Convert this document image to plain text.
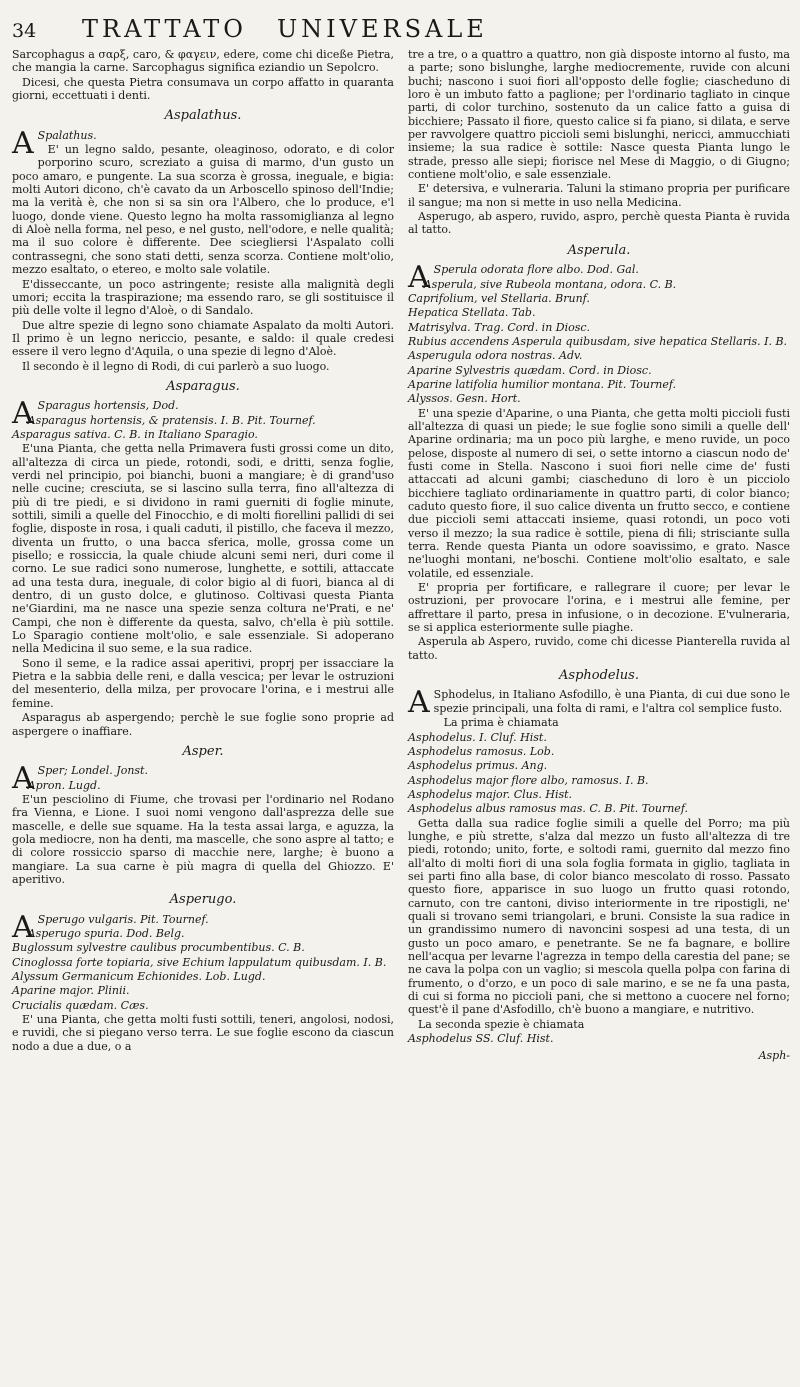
34	TRATTATO UNIVERSALE

Sarcophagus a σαρξ, caro, & φαγειν, edere, come chi diceße Pietra, che mangia la carne. Sarcophagus significa eziandio un Sepolcro.

Dicesi, che questa Pietra consumava un corpo affatto in quaranta giorni, eccettuati i denti.

Aspalathus.

A Spalathus.

E' un legno saldo, pesante, oleaginoso, odorato, e di color porporino scuro, screziato a guisa di marmo, d'un gusto un poco amaro, e pungente. La sua scorza è grossa, ineguale, e bigia: molti Autori dicono, ch'è cavato da un Arboscello spinoso dell'Indie; ma la verità è, che non si sa sin ora l'Albero, che lo produce, e'l luogo, donde viene. Questo legno ha molta rassomiglianza al legno di Aloè nella forma, nel peso, e nel gusto, nell'odore, e nelle qualità; ma il suo colore è differente. Dee sciegliersi l'Aspalato colli contrassegni, che sono stati detti, senza scorza. Contiene molt'olio, mezzo esaltato, o etereo, e molto sale volatile.

E'disseccante, un poco astringente; resiste alla malignità degli umori; eccita la traspirazione; ma essendo raro, se gli sostituisce il più delle volte il legno d'Aloè, o di Sandalo.

Due altre spezie di legno sono chiamate Aspalato da molti Autori. Il primo è un legno nericcio, pesante, e saldo: il quale credesi essere il vero legno d'Aquila, o una spezie di legno d'Aloè.

Il secondo è il legno di Rodi, di cui parlerò a suo luogo.

Asparagus.

A Sparagus hortensis, Dod.

Asparagus hortensis, & pratensis. I. B. Pit. Tournef.

Asparagus sativa. C. B. in Italiano Sparagio.

E'una Pianta, che getta nella Primavera fusti grossi come un dito, all'altezza di circa un piede, rotondi, sodi, e dritti, senza foglie, verdi nel principio, poi bianchi, buoni a mangiare; è di grand'uso nelle cucine; cresciuta, se si lascino sulla terra, fino all'altezza di più di tre piedi, e si dividono in rami guerniti di foglie minute, sottili, simili a quelle del Finocchio, e di molti fiorellini pallidi di sei foglie, disposte in rosa, i quali caduti, il pistillo, che faceva il mezzo, diventa un frutto, o una bacca sferica, molle, grossa come un pisello; e rossiccia, la quale chiude alcuni semi neri, duri come il corno. Le sue radici sono numerose, lunghette, e sottili, attaccate ad una testa dura, ineguale, di color bigio al di fuori, bianca al di dentro, di un gusto dolce, e glutinoso. Coltivasi questa Pianta ne'Giardini, ma ne nasce una spezie senza coltura ne'Prati, e ne' Campi, che non è differente da questa, salvo, ch'ella è più sottile. Lo Sparagio contiene molt'olio, e sale essenziale. Si adoperano nella Medicina il suo seme, e la sua radice.

Sono il seme, e la radice assai aperitivi, proprj per issacciare la Pietra e la sabbia delle reni, e dalla vescica; per levar le ostruzioni del mesenterio, della milza, per provocare l'orina, e i mestrui alle femine.

Asparagus ab aspergendo; perchè le sue foglie sono proprie ad aspergere o inaffiare.

Asper.

A Sper; Londel. Jonst.

Apron. Lugd.

E'un pesciolino di Fiume, che trovasi per l'ordinario nel Rodano fra Vienna, e Lione. I suoi nomi vengono dall'asprezza delle sue mascelle, e delle sue squame. Ha la testa assai larga, e aguzza, la gola mediocre, non ha denti, ma mascelle, che sono aspre al tatto; e di colore rossiccio sparso di macchie nere, larghe; è buono a mangiare. La sua carne è più magra di quella del Ghiozzo. E' aperitivo.

Asperugo.

A Sperugo vulgaris. Pit. Tournef.

Asperugo spuria. Dod. Belg.

Buglossum sylvestre caulibus procumbentibus. C. B.

Cinoglossa forte topiaria, sive Echium lappulatum quibusdam. I. B.

Alyssum Germanicum Echionides. Lob. Lugd.

Aparine major. Plinii.

Crucialis quædam. Cæs.

E' una Pianta, che getta molti fusti sottili, teneri, angolosi, nodosi, e ruvidi, che si piegano verso terra. Le sue foglie escono da ciascun nodo a due a due, o a

tre a tre, o a quattro a quattro, non già disposte intorno al fusto, ma a parte; sono bislunghe, larghe mediocremente, ruvide con alcuni buchi; nascono i suoi fiori all'opposto delle foglie; ciascheduno di loro è un imbuto fatto a paglione; per l'ordinario tagliato in cinque parti, di color turchino, sostenuto da un calice fatto a guisa di bicchiere; Passato il fiore, questo calice si fa piano, si dilata, e serve per ravvolgere quattro piccioli semi bislunghi, nericci, ammucchiati insieme; la sua radice è sottile: Nasce questa Pianta lungo le strade, presso alle siepi; fiorisce nel Mese di Maggio, o di Giugno; contiene molt'olio, e sale essenziale.

E' detersiva, e vulneraria. Taluni la stimano propria per purificare il sangue; ma non si mette in uso nella Medicina.

Asperugo, ab aspero, ruvido, aspro, perchè questa Pianta è ruvida al tatto.

Asperula.

A Sperula odorata flore albo. Dod. Gal.

Asperula, sive Rubeola montana, odora. C. B.

Caprifolium, vel Stellaria. Brunf.

Hepatica Stellata. Tab.

Matrisylva. Trag. Cord. in Diosc.

Rubius accendens Asperula quibusdam, sive hepatica Stellaris. I. B.

Asperugula odora nostras. Adv.

Aparine Sylvestris quædam. Cord. in Diosc.

Aparine latifolia humilior montana. Pit. Tournef.

Alyssos. Gesn. Hort.

E' una spezie d'Aparine, o una Pianta, che getta molti piccioli fusti all'altezza di quasi un piede; le sue foglie sono simili a quelle dell' Aparine ordinaria; ma un poco più larghe, e meno ruvide, un poco pelose, disposte al numero di sei, o sette intorno a ciascun nodo de' fusti come in Stella. Nascono i suoi fiori nelle cime de' fusti attaccati ad alcuni gambi; ciascheduno di loro è un picciolo bicchiere tagliato ordinariamente in quattro parti, di color bianco; caduto questo fiore, il suo calice diventa un frutto secco, e contiene due piccioli semi attaccati insieme, quasi rotondi, un poco voti verso il mezzo; la sua radice è sottile, piena di fili; strisciante sulla terra. Rende questa Pianta un odore soavissimo, e grato. Nasce ne'luoghi montani, ne'boschi. Contiene molt'olio esaltato, e sale volatile, ed essenziale.

E' propria per fortificare, e rallegrare il cuore; per levar le ostruzioni, per provocare l'orina, e i mestrui alle femine, per affrettare il parto, presa in infusione, o in decozione. E'vulneraria, se si applica esteriormente sulle piaghe.

Asperula ab Aspero, ruvido, come chi dicesse Pianterella ruvida al tatto.

Asphodelus.

A Sphodelus, in Italiano Asfodillo, è una Pianta, di cui due sono le spezie principali, una folta di rami, e l'altra col semplice fusto.

La prima è chiamata

Asphodelus. I. Cluf. Hist.

Asphodelus ramosus. Lob.

Asphodelus primus. Ang.

Asphodelus major flore albo, ramosus. I. B.

Asphodelus major. Clus. Hist.

Asphodelus albus ramosus mas. C. B. Pit. Tournef.

Getta dalla sua radice foglie simili a quelle del Porro; ma più lunghe, e più strette, s'alza dal mezzo un fusto all'altezza di tre piedi, rotondo; unito, forte, e soltodi rami, guernito dal mezzo fino all'alto di molti fiori di una sola foglia formata in giglio, tagliata in sei parti fino alla base, di color bianco mescolato di rosso. Passato questo fiore, apparisce in suo luogo un frutto quasi rotondo, carnuto, con tre cantoni, diviso interiormente in tre ripostigli, ne' quali si trovano semi triangolari, e bruni. Consiste la sua radice in un grandissimo numero di navoncini sospesi ad una testa, di un gusto un poco amaro, e penetrante. Se ne fa bagnare, e bollire nell'acqua per levarne l'agrezza in tempo della carestia del pane; se ne cava la polpa con un vaglio; si mescola quella polpa con farina di frumento, o d'orzo, e un poco di sale marino, e se ne fa una pasta, di cui si forma no piccioli pani, che si mettono a cuocere nel forno; quest'è il pane d'Asfodillo, ch'è buono a mangiare, e nutritivo.

La seconda spezie è chiamata

Asphodelus SS. Cluf. Hist.

Asph-
